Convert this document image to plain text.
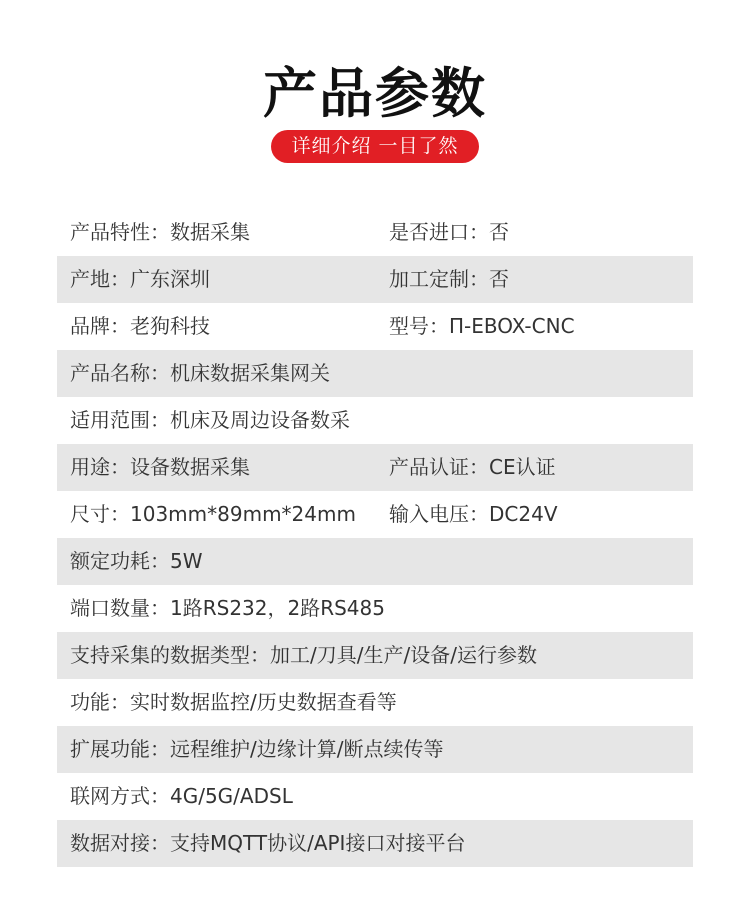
产品参数
详细介绍 一目了然
产品特性：数据采集	是否进口：否
产地：广东深圳	加工定制：否
品牌：老狗科技	型号：П-EBOX-CNC
产品名称：机床数据采集网关
适用范围：机床及周边设备数采
用途：设备数据采集	产品认证：CE认证
尺寸：103mm*89mm*24mm 输入电压：DC24V
额定功耗：5W
端口数量：1路RS232，2路RS485
支持采集的数据类型：加工/刀具/生产/设备/运行参数
功能：实时数据监控/历史数据查看等
扩展功能：远程维护/边缘计算/断点续传等
联网方式：4G/5G/ADSL
数据对接：支持MQTT协议/API接口对接平台
